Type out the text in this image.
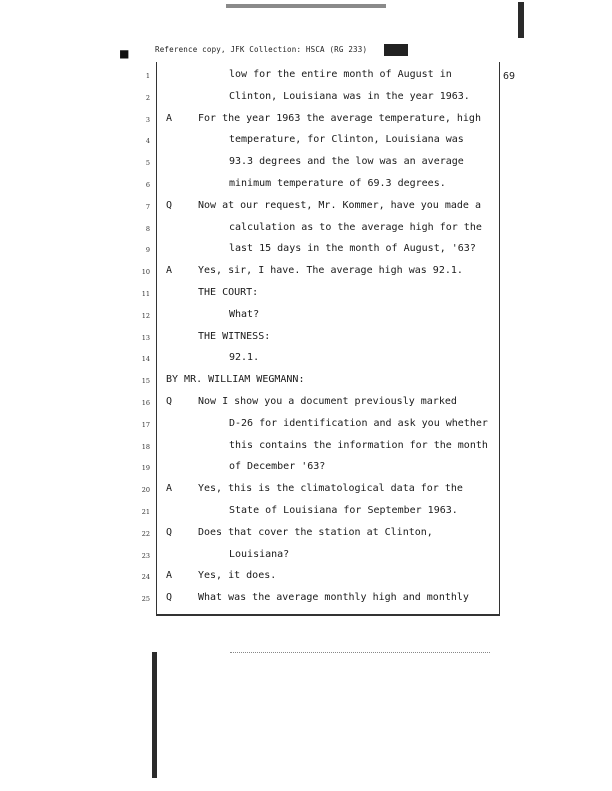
■	Reference copy, JFK Collection: HSCA (RG 233)
69
1	low for the entire month of August in
2	Clinton, Louisiana was in the year 1963.
3 A	For the year 1963 the average temperature, high
4	temperature, for Clinton, Louisiana was
5	93.3 degrees and the low was an average
6	minimum temperature of 69.3 degrees.
7 Q	Now at our request, Mr. Kommer, have you made a
8	calculation as to the average high for the
9	last 15 days in the month of August, '63?
10 A	Yes, sir, I have. The average high was 92.1.
11	THE COURT:
12	What?
13	THE WITNESS:
14	92.1.
15 BY MR. WILLIAM WEGMANN:
16 Q	Now I show you a document previously marked
17	D-26 for identification and ask you whether
18	this contains the information for the month
19	of December '63?
20 A	Yes, this is the climatological data for the
21	State of Louisiana for September 1963.
22 Q	Does that cover the station at Clinton,
23	Louisiana?
24 A	Yes, it does.
25 Q	What was the average monthly high and monthly
